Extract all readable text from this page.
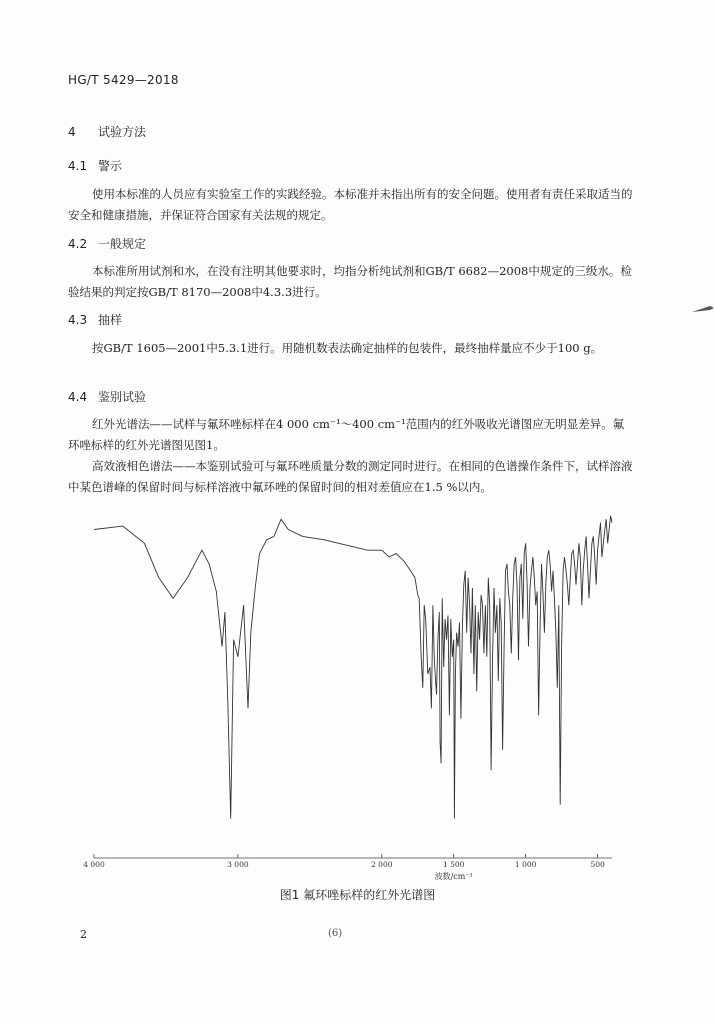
HG/T 5429—2018
4 试验方法
4.1 警示

使用本标准的人员应有实验室工作的实践经验。本标准并未指出所有的安全问题。使用者有责任采取适当的安全和健康措施，并保证符合国家有关法规的规定。

4.2 一般规定

本标准所用试剂和水，在没有注明其他要求时，均指分析纯试剂和GB/T 6682—2008中规定的三级水。检验结果的判定按GB/T 8170—2008中4.3.3进行。

4.3 抽样

按GB/T 1605—2001中5.3.1进行。用随机数表法确定抽样的包装件，最终抽样量应不少于100 g。

4.4 鉴别试验

红外光谱法——试样与氟环唑标样在4 000 cm⁻¹～400 cm⁻¹范围内的红外吸收光谱图应无明显差异。氟环唑标样的红外光谱图见图1。

高效液相色谱法——本鉴别试验可与氟环唑质量分数的测定同时进行。在相同的色谱操作条件下，试样溶液中某色谱峰的保留时间与标样溶液中氟环唑的保留时间的相对差值应在1.5 %以内。

4 000	3 000	2 000	1 500	1 000	500
波数/cm⁻¹
图1 氟环唑标样的红外光谱图
2	(6)
